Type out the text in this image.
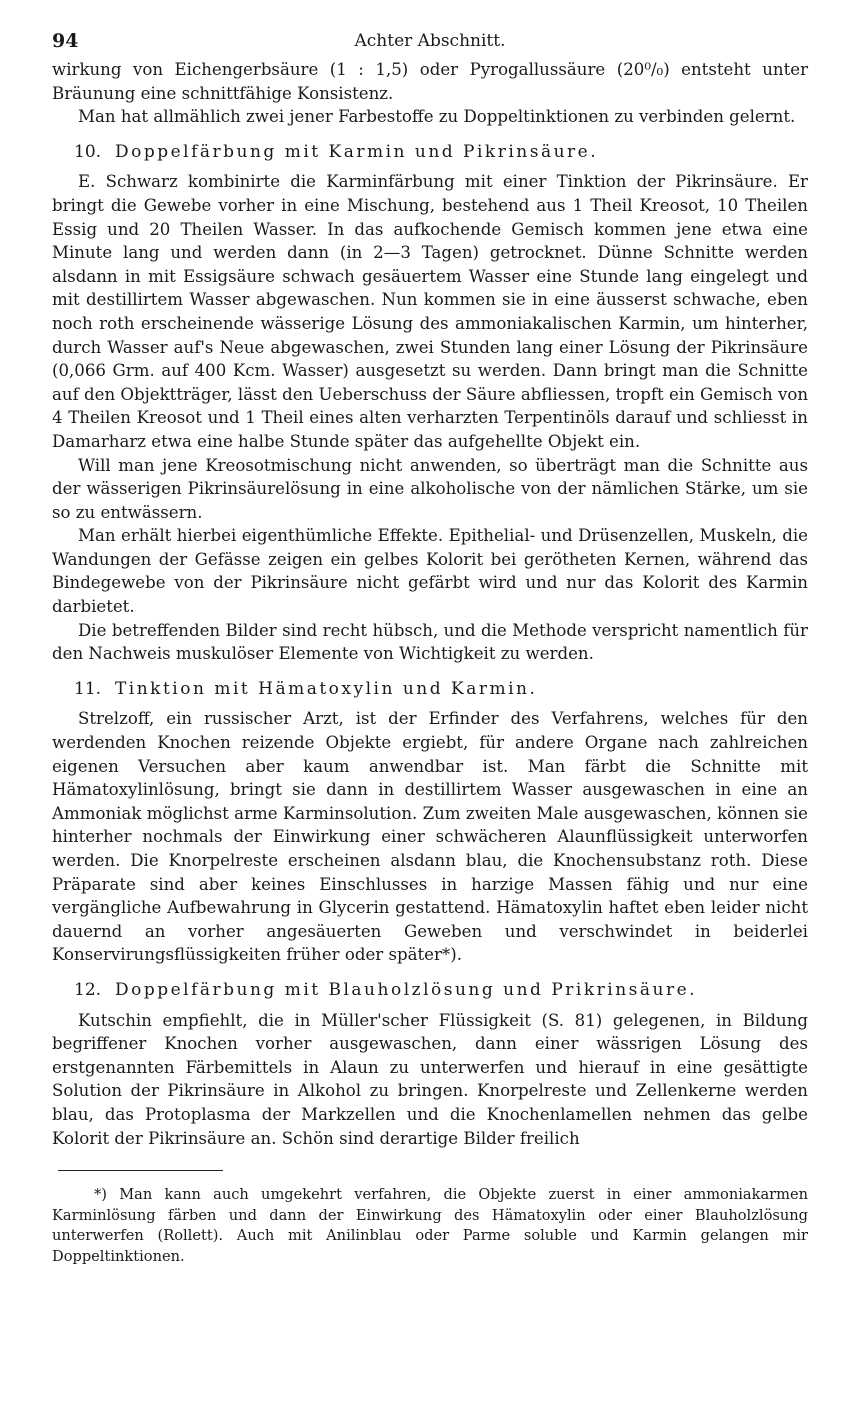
94	Achter Abschnitt.

wirkung von Eichengerbsäure (1 : 1,5) oder Pyrogallussäure (20⁰/₀) entsteht unter Bräunung eine schnittfähige Konsistenz.

Man hat allmählich zwei jener Farbestoffe zu Doppeltinktionen zu verbinden gelernt.

10. Doppelfärbung mit Karmin und Pikrinsäure.

E. Schwarz kombinirte die Karminfärbung mit einer Tinktion der Pikrinsäure. Er bringt die Gewebe vorher in eine Mischung, bestehend aus 1 Theil Kreosot, 10 Theilen Essig und 20 Theilen Wasser. In das aufkochende Gemisch kommen jene etwa eine Minute lang und werden dann (in 2—3 Tagen) getrocknet. Dünne Schnitte werden alsdann in mit Essigsäure schwach gesäuertem Wasser eine Stunde lang eingelegt und mit destillirtem Wasser abgewaschen. Nun kommen sie in eine äusserst schwache, eben noch roth erscheinende wässerige Lösung des ammoniakalischen Karmin, um hinterher, durch Wasser auf's Neue abgewaschen, zwei Stunden lang einer Lösung der Pikrinsäure (0,066 Grm. auf 400 Kcm. Wasser) ausgesetzt su werden. Dann bringt man die Schnitte auf den Objektträger, lässt den Ueberschuss der Säure abfliessen, tropft ein Gemisch von 4 Theilen Kreosot und 1 Theil eines alten verharzten Terpentinöls darauf und schliesst in Damarharz etwa eine halbe Stunde später das aufgehellte Objekt ein.

Will man jene Kreosotmischung nicht anwenden, so überträgt man die Schnitte aus der wässerigen Pikrinsäurelösung in eine alkoholische von der nämlichen Stärke, um sie so zu entwässern.

Man erhält hierbei eigenthümliche Effekte. Epithelial- und Drüsenzellen, Muskeln, die Wandungen der Gefässe zeigen ein gelbes Kolorit bei gerötheten Kernen, während das Bindegewebe von der Pikrinsäure nicht gefärbt wird und nur das Kolorit des Karmin darbietet.

Die betreffenden Bilder sind recht hübsch, und die Methode verspricht namentlich für den Nachweis muskulöser Elemente von Wichtigkeit zu werden.

11. Tinktion mit Hämatoxylin und Karmin.

Strelzoff, ein russischer Arzt, ist der Erfinder des Verfahrens, welches für den werdenden Knochen reizende Objekte ergiebt, für andere Organe nach zahlreichen eigenen Versuchen aber kaum anwendbar ist. Man färbt die Schnitte mit Hämatoxylinlösung, bringt sie dann in destillirtem Wasser ausgewaschen in eine an Ammoniak möglichst arme Karminsolution. Zum zweiten Male ausgewaschen, können sie hinterher nochmals der Einwirkung einer schwächeren Alaunflüssigkeit unterworfen werden. Die Knorpelreste erscheinen alsdann blau, die Knochensubstanz roth. Diese Präparate sind aber keines Einschlusses in harzige Massen fähig und nur eine vergängliche Aufbewahrung in Glycerin gestattend. Hämatoxylin haftet eben leider nicht dauernd an vorher angesäuerten Geweben und verschwindet in beiderlei Konservirungsflüssigkeiten früher oder später*).

12. Doppelfärbung mit Blauholzlösung und Prikrinsäure.

Kutschin empfiehlt, die in Müller'scher Flüssigkeit (S. 81) gelegenen, in Bildung begriffener Knochen vorher ausgewaschen, dann einer wässrigen Lösung des erstgenannten Färbemittels in Alaun zu unterwerfen und hierauf in eine gesättigte Solution der Pikrinsäure in Alkohol zu bringen. Knorpelreste und Zellenkerne werden blau, das Protoplasma der Markzellen und die Knochenlamellen nehmen das gelbe Kolorit der Pikrinsäure an. Schön sind derartige Bilder freilich

*) Man kann auch umgekehrt verfahren, die Objekte zuerst in einer ammoniakarmen Karminlösung färben und dann der Einwirkung des Hämatoxylin oder einer Blauholzlösung unterwerfen (Rollett). Auch mit Anilinblau oder Parme soluble und Karmin gelangen mir Doppeltinktionen.
